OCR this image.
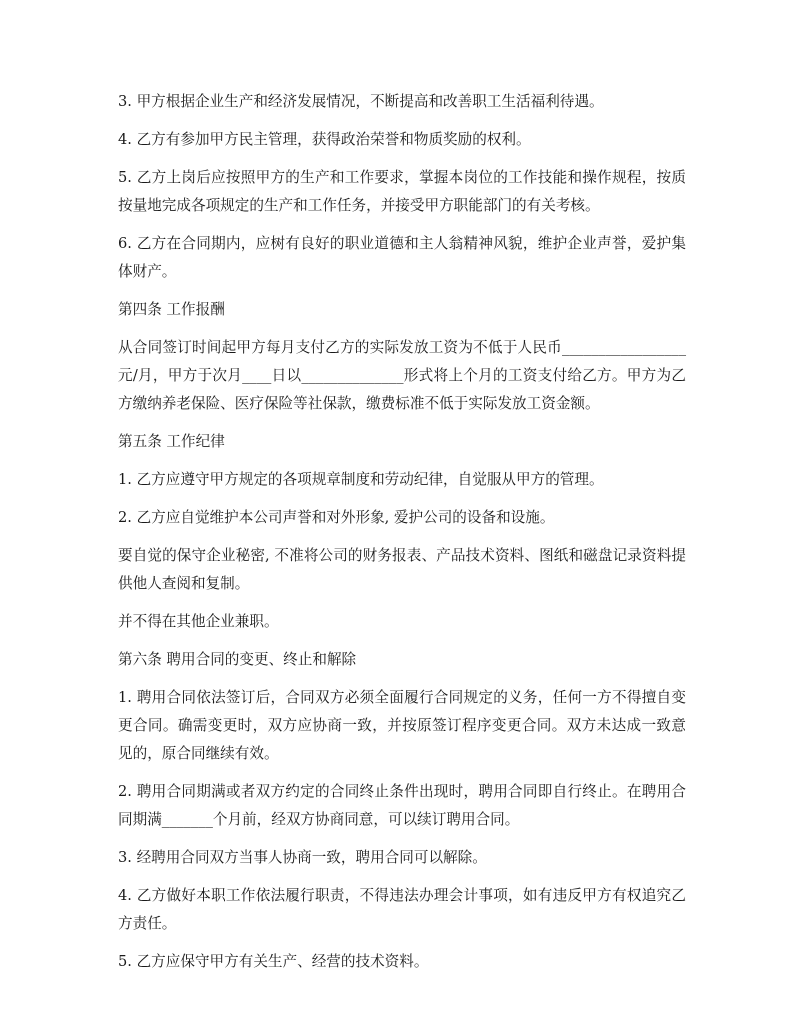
3. 甲方根据企业生产和经济发展情况，不断提高和改善职工生活福利待遇。

4. 乙方有参加甲方民主管理，获得政治荣誉和物质奖励的权利。

5. 乙方上岗后应按照甲方的生产和工作要求，掌握本岗位的工作技能和操作规程，按质按量地完成各项规定的生产和工作任务，并接受甲方职能部门的有关考核。

6. 乙方在合同期内，应树有良好的职业道德和主人翁精神风貌，维护企业声誉，爱护集体财产。

第四条 工作报酬

从合同签订时间起甲方每月支付乙方的实际发放工资为不低于人民币_________________元/月，甲方于次月____日以______________形式将上个月的工资支付给乙方。甲方为乙方缴纳养老保险、医疗保险等社保款，缴费标准不低于实际发放工资金额。

第五条 工作纪律

1. 乙方应遵守甲方规定的各项规章制度和劳动纪律，自觉服从甲方的管理。

2. 乙方应自觉维护本公司声誉和对外形象, 爱护公司的设备和设施。

要自觉的保守企业秘密, 不准将公司的财务报表、产品技术资料、图纸和磁盘记录资料提供他人查阅和复制。

并不得在其他企业兼职。

第六条 聘用合同的变更、终止和解除

1. 聘用合同依法签订后，合同双方必须全面履行合同规定的义务，任何一方不得擅自变更合同。确需变更时，双方应协商一致，并按原签订程序变更合同。双方未达成一致意见的，原合同继续有效。

2. 聘用合同期满或者双方约定的合同终止条件出现时，聘用合同即自行终止。在聘用合同期满_______个月前，经双方协商同意，可以续订聘用合同。

3. 经聘用合同双方当事人协商一致，聘用合同可以解除。

4. 乙方做好本职工作依法履行职责，不得违法办理会计事项，如有违反甲方有权追究乙方责任。

5. 乙方应保守甲方有关生产、经营的技术资料。
